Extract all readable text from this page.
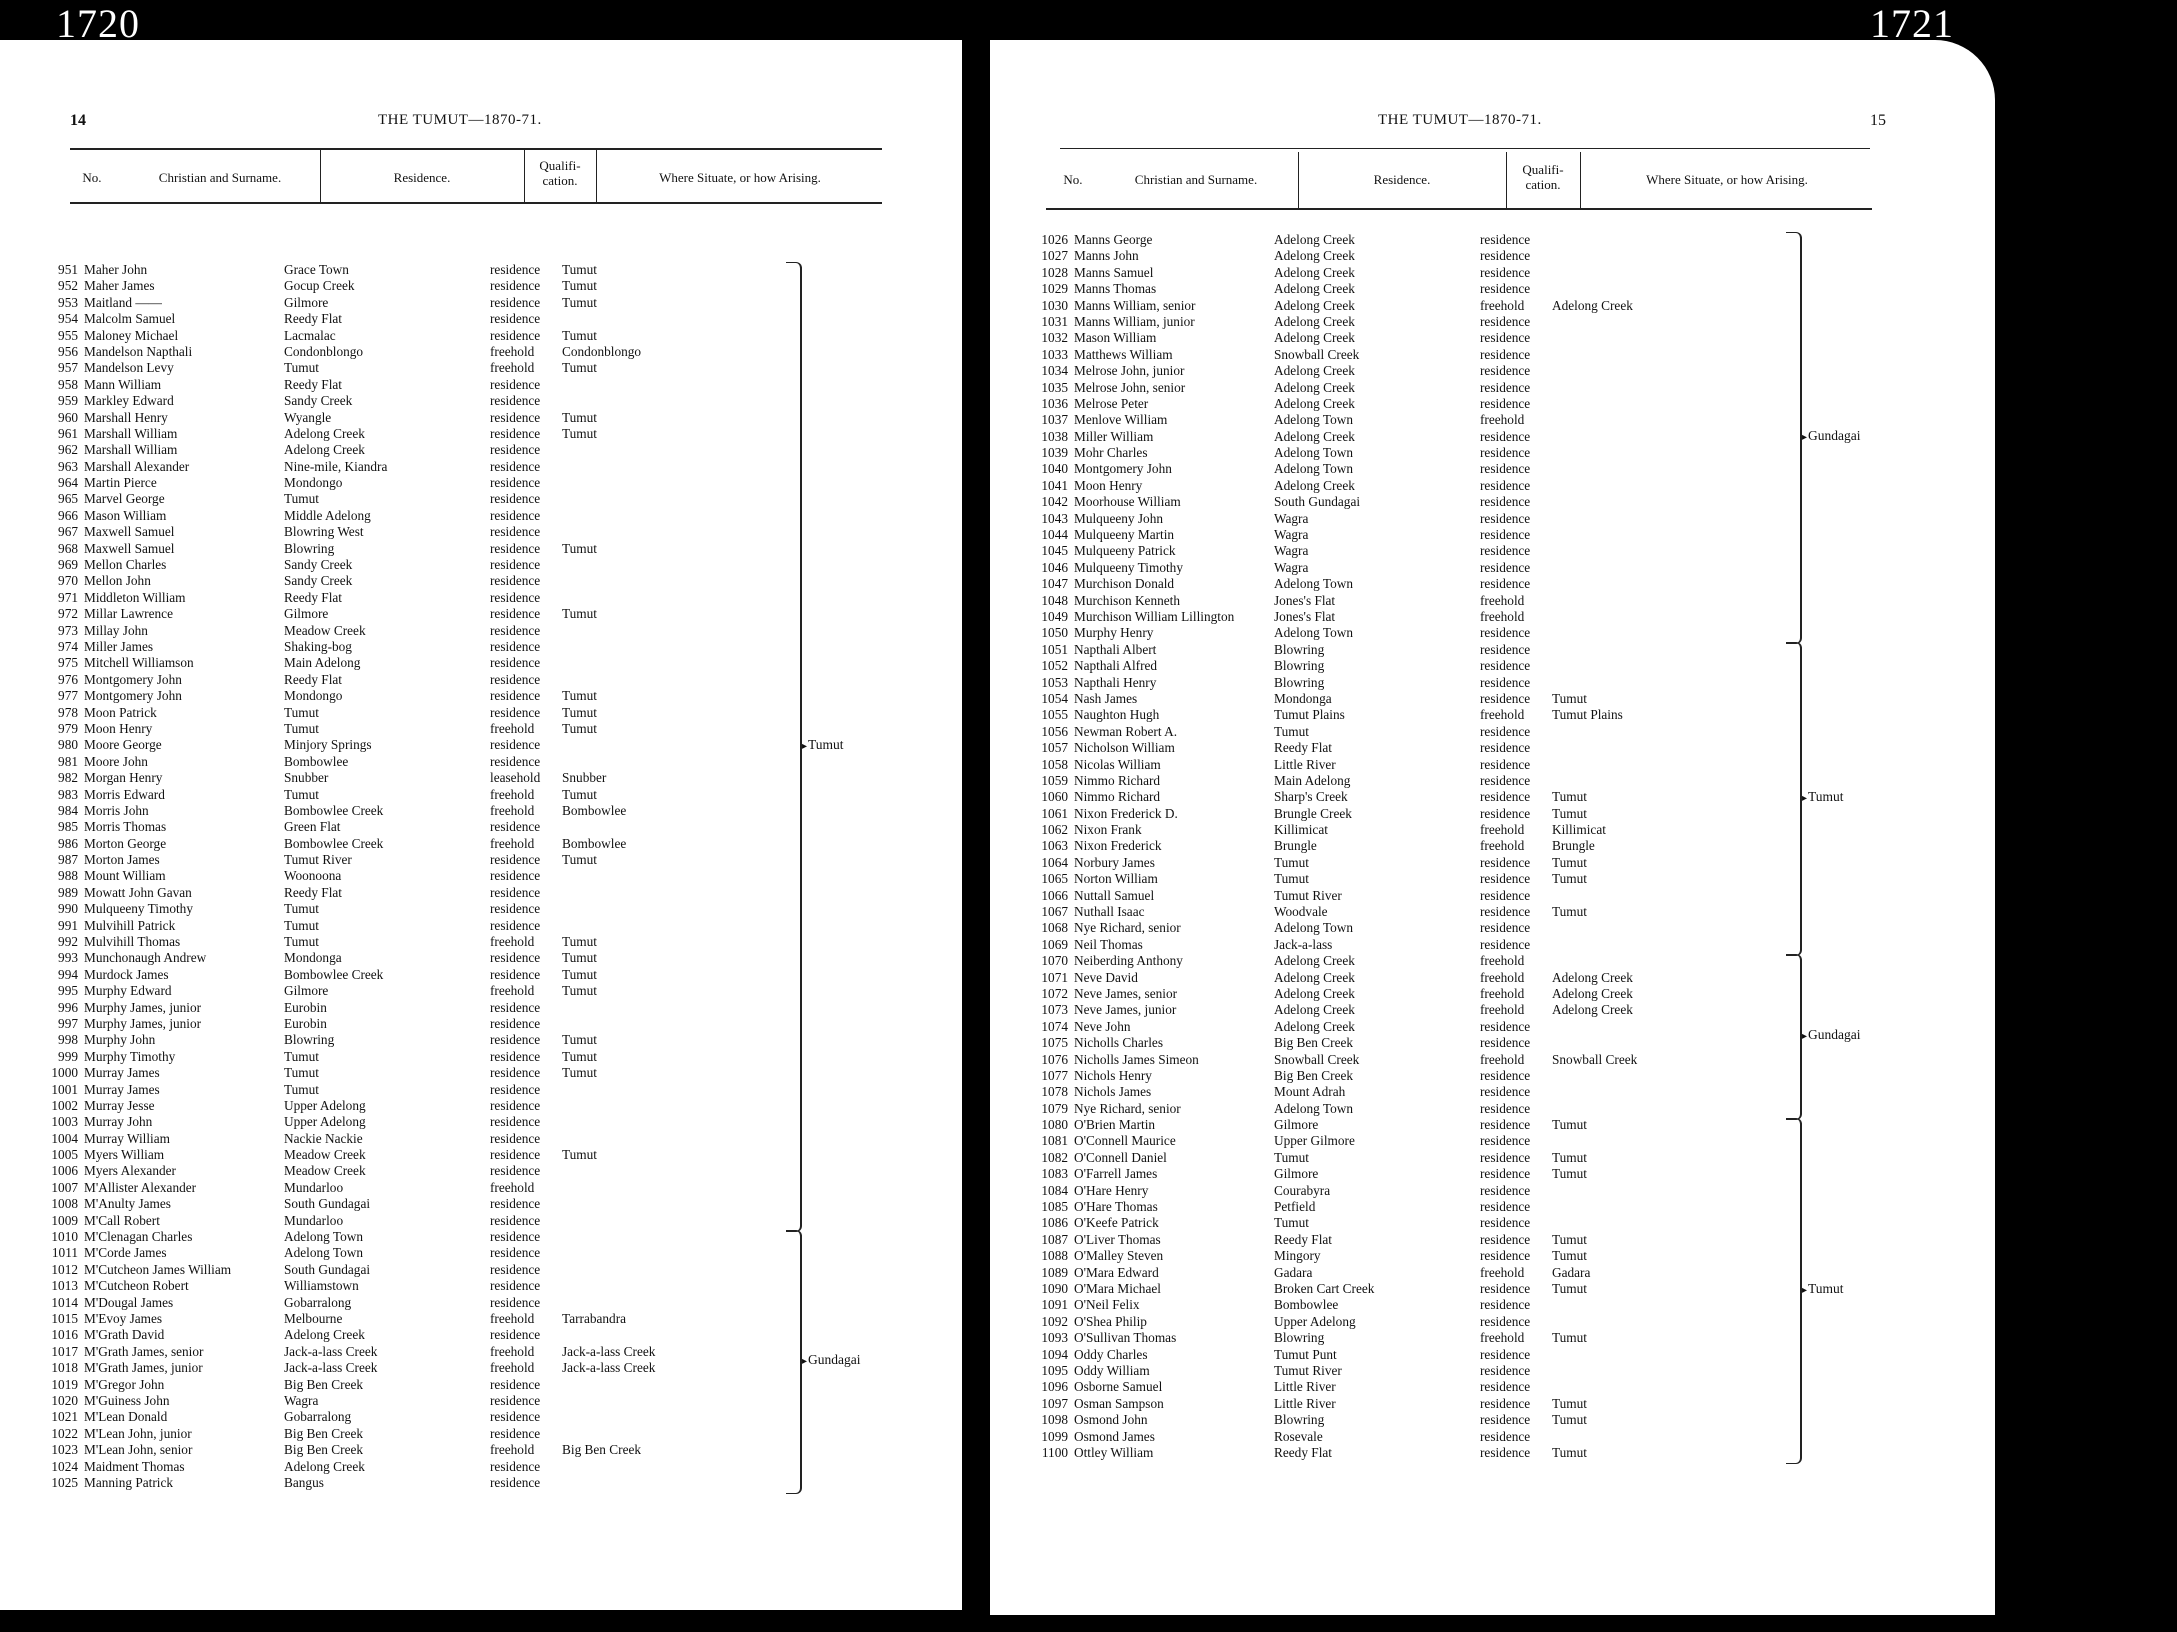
14	THE TUMUT—1870-71.
No.	Christian and Surname.	Residence.
Qualifi-
cation.	Where Situate, or how Arising.
951 Maher John	Grace Town	residence	Tumut
952 Maher James	Gocup Creek	residence	Tumut
953 Maitland ——	Gilmore	residence	Tumut
954 Malcolm Samuel	Reedy Flat	residence
955 Maloney Michael	Lacmalac	residence	Tumut
956 Mandelson Napthali	Condonblongo	freehold	Condonblongo
957 Mandelson Levy	Tumut	freehold	Tumut
958 Mann William	Reedy Flat	residence
959 Markley Edward	Sandy Creek	residence
960 Marshall Henry	Wyangle	residence	Tumut
961 Marshall William	Adelong Creek	residence	Tumut
962 Marshall William	Adelong Creek	residence
963 Marshall Alexander	Nine-mile, Kiandra	residence
964 Martin Pierce	Mondongo	residence
965 Marvel George	Tumut	residence
966 Mason William	Middle Adelong	residence
967 Maxwell Samuel	Blowring West	residence
968 Maxwell Samuel	Blowring	residence	Tumut
969 Mellon Charles	Sandy Creek	residence
970 Mellon John	Sandy Creek	residence
971 Middleton William	Reedy Flat	residence
972 Millar Lawrence	Gilmore	residence	Tumut
973 Millay John	Meadow Creek	residence
974 Miller James	Shaking-bog	residence
975 Mitchell Williamson	Main Adelong	residence
976 Montgomery John	Reedy Flat	residence
977 Montgomery John	Mondongo	residence	Tumut
978 Moon Patrick	Tumut	residence	Tumut
979 Moon Henry	Tumut	freehold	Tumut
980 Moore George	Minjory Springs	residence
981 Moore John	Bombowlee	residence
982 Morgan Henry	Snubber	leasehold	Snubber
983 Morris Edward	Tumut	freehold	Tumut
984 Morris John	Bombowlee Creek	freehold	Bombowlee
985 Morris Thomas	Green Flat	residence
986 Morton George	Bombowlee Creek	freehold	Bombowlee
987 Morton James	Tumut River	residence	Tumut
988 Mount William	Woonoona	residence
989 Mowatt John Gavan	Reedy Flat	residence
990 Mulqueeny Timothy	Tumut	residence
991 Mulvihill Patrick	Tumut	residence
992 Mulvihill Thomas	Tumut	freehold	Tumut
993 Munchonaugh Andrew	Mondonga	residence	Tumut
994 Murdock James	Bombowlee Creek	residence	Tumut
995 Murphy Edward	Gilmore	freehold	Tumut
996 Murphy James, junior	Eurobin	residence
997 Murphy James, junior	Eurobin	residence
998 Murphy John	Blowring	residence	Tumut
999 Murphy Timothy	Tumut	residence	Tumut
1000 Murray James	Tumut	residence	Tumut
1001 Murray James	Tumut	residence
1002 Murray Jesse	Upper Adelong	residence
1003 Murray John	Upper Adelong	residence
1004 Murray William	Nackie Nackie	residence
1005 Myers William	Meadow Creek	residence	Tumut
1006 Myers Alexander	Meadow Creek	residence
1007 M'Allister Alexander	Mundarloo	freehold
1008 M'Anulty James	South Gundagai	residence
1009 M'Call Robert	Mundarloo	residence
1010 M'Clenagan Charles	Adelong Town	residence
1011 M'Corde James	Adelong Town	residence
1012 M'Cutcheon James William	South Gundagai	residence
1013 M'Cutcheon Robert	Williamstown	residence
1014 M'Dougal James	Gobarralong	residence
1015 M'Evoy James	Melbourne	freehold	Tarrabandra
1016 M'Grath David	Adelong Creek	residence
1017 M'Grath James, senior	Jack-a-lass Creek	freehold	Jack-a-lass Creek
1018 M'Grath James, junior	Jack-a-lass Creek	freehold	Jack-a-lass Creek
1019 M'Gregor John	Big Ben Creek	residence
1020 M'Guiness John	Wagra	residence
1021 M'Lean Donald	Gobarralong	residence
1022 M'Lean John, junior	Big Ben Creek	residence
1023 M'Lean John, senior	Big Ben Creek	freehold	Big Ben Creek
1024 Maidment Thomas	Adelong Creek	residence
1025 Manning Patrick	Bangus	residence
▸ Tumut
▸ Gundagai
THE TUMUT—1870-71.	15
No.	Christian and Surname.	Residence.
Qualifi-
cation.	Where Situate, or how Arising.
1026 Manns George	Adelong Creek	residence
1027 Manns John	Adelong Creek	residence
1028 Manns Samuel	Adelong Creek	residence
1029 Manns Thomas	Adelong Creek	residence
1030 Manns William, senior	Adelong Creek	freehold	Adelong Creek
1031 Manns William, junior	Adelong Creek	residence
1032 Mason William	Adelong Creek	residence
1033 Matthews William	Snowball Creek	residence
1034 Melrose John, junior	Adelong Creek	residence
1035 Melrose John, senior	Adelong Creek	residence
1036 Melrose Peter	Adelong Creek	residence
1037 Menlove William	Adelong Town	freehold
1038 Miller William	Adelong Creek	residence
1039 Mohr Charles	Adelong Town	residence
1040 Montgomery John	Adelong Town	residence
1041 Moon Henry	Adelong Creek	residence
1042 Moorhouse William	South Gundagai	residence
1043 Mulqueeny John	Wagra	residence
1044 Mulqueeny Martin	Wagra	residence
1045 Mulqueeny Patrick	Wagra	residence
1046 Mulqueeny Timothy	Wagra	residence
1047 Murchison Donald	Adelong Town	residence
1048 Murchison Kenneth	Jones's Flat	freehold
1049 Murchison William Lillington	Jones's Flat	freehold
1050 Murphy Henry	Adelong Town	residence
1051 Napthali Albert	Blowring	residence
1052 Napthali Alfred	Blowring	residence
1053 Napthali Henry	Blowring	residence
1054 Nash James	Mondonga	residence	Tumut
1055 Naughton Hugh	Tumut Plains	freehold	Tumut Plains
1056 Newman Robert A.	Tumut	residence
1057 Nicholson William	Reedy Flat	residence
1058 Nicolas William	Little River	residence
1059 Nimmo Richard	Main Adelong	residence
1060 Nimmo Richard	Sharp's Creek	residence	Tumut
1061 Nixon Frederick D.	Brungle Creek	residence	Tumut
1062 Nixon Frank	Killimicat	freehold	Killimicat
1063 Nixon Frederick	Brungle	freehold	Brungle
1064 Norbury James	Tumut	residence	Tumut
1065 Norton William	Tumut	residence	Tumut
1066 Nuttall Samuel	Tumut River	residence
1067 Nuthall Isaac	Woodvale	residence	Tumut
1068 Nye Richard, senior	Adelong Town	residence
1069 Neil Thomas	Jack-a-lass	residence
1070 Neiberding Anthony	Adelong Creek	freehold
1071 Neve David	Adelong Creek	freehold	Adelong Creek
1072 Neve James, senior	Adelong Creek	freehold	Adelong Creek
1073 Neve James, junior	Adelong Creek	freehold	Adelong Creek
1074 Neve John	Adelong Creek	residence
1075 Nicholls Charles	Big Ben Creek	residence
1076 Nicholls James Simeon	Snowball Creek	freehold	Snowball Creek
1077 Nichols Henry	Big Ben Creek	residence
1078 Nichols James	Mount Adrah	residence
1079 Nye Richard, senior	Adelong Town	residence
1080 O'Brien Martin	Gilmore	residence	Tumut
1081 O'Connell Maurice	Upper Gilmore	residence
1082 O'Connell Daniel	Tumut	residence	Tumut
1083 O'Farrell James	Gilmore	residence	Tumut
1084 O'Hare Henry	Courabyra	residence
1085 O'Hare Thomas	Petfield	residence
1086 O'Keefe Patrick	Tumut	residence
1087 O'Liver Thomas	Reedy Flat	residence	Tumut
1088 O'Malley Steven	Mingory	residence	Tumut
1089 O'Mara Edward	Gadara	freehold	Gadara
1090 O'Mara Michael	Broken Cart Creek	residence	Tumut
1091 O'Neil Felix	Bombowlee	residence
1092 O'Shea Philip	Upper Adelong	residence
1093 O'Sullivan Thomas	Blowring	freehold	Tumut
1094 Oddy Charles	Tumut Punt	residence
1095 Oddy William	Tumut River	residence
1096 Osborne Samuel	Little River	residence
1097 Osman Sampson	Little River	residence	Tumut
1098 Osmond John	Blowring	residence	Tumut
1099 Osmond James	Rosevale	residence
1100 Ottley William	Reedy Flat	residence	Tumut
▸ Gundagai
▸ Tumut
▸ Gundagai
▸ Tumut
1720	1721
